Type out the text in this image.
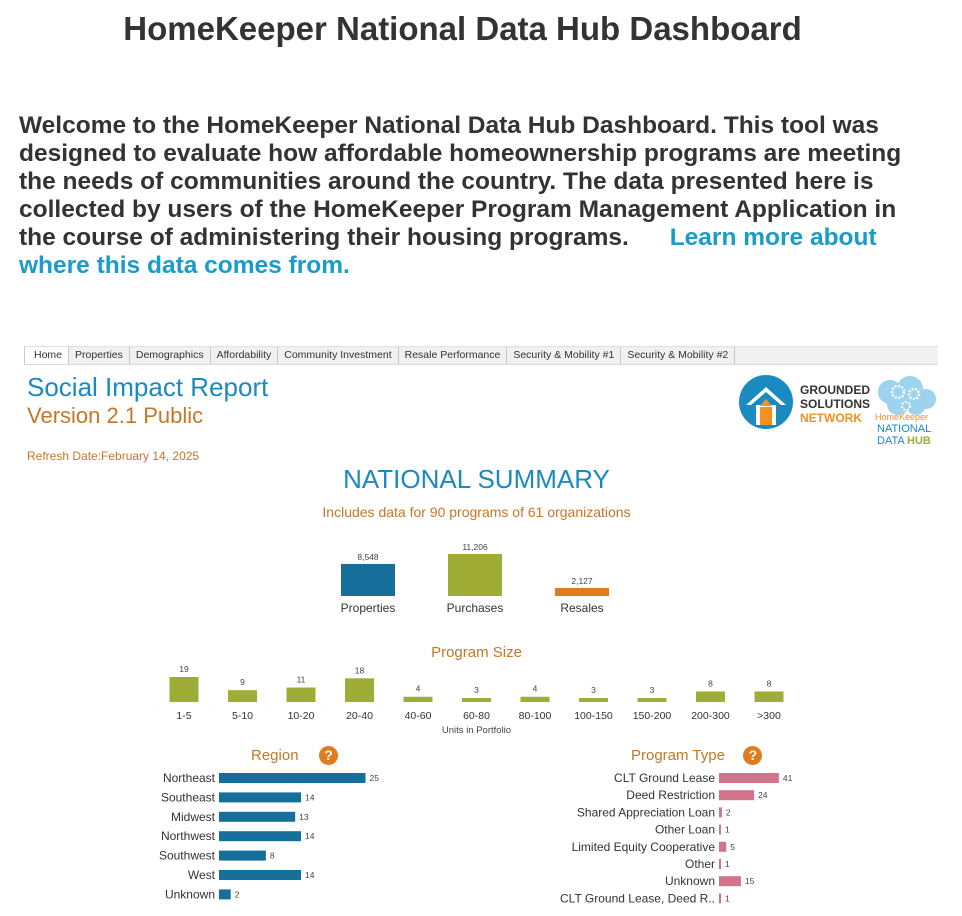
HomeKeeper National Data Hub Dashboard

Welcome to the HomeKeeper National Data Hub Dashboard. This tool was designed to evaluate how affordable homeownership programs are meeting the needs of communities around the country. The data presented here is collected by users of the HomeKeeper Program Management Application in the course of administering their housing programs. Learn more about where this data comes from.

Home	Properties	Demographics	Affordability	Community Investment	Resale Performance	Security & Mobility #1	Security & Mobility #2
Social Impact Report
Version 2.1 Public
Refresh Date:February 14, 2025
GROUNDED
SOLUTIONS
NETWORK HomeKeeper
NATIONAL
DATA HUB
NATIONAL SUMMARY
Includes data for 90 programs of 61 organizations
8,548
Properties
11,206
Purchases
2,127
Resales
Program Size
19
1-5
9
5-10
11
10-20
18
20-40
4
40-60
3
60-80
4
80-100
3
100-150
3
150-200
8
200-300
8
>300
Units in Portfolio
Region ?
Northeast	25
Southeast	14
Midwest	13
Northwest	14
Southwest	8
West	14
Unknown 2
Program Type ?
CLT Ground Lease	41
Deed Restriction	24
Shared Appreciation Loan 2
Other Loan 1
Limited Equity Cooperative 5
Other 1
Unknown	15
CLT Ground Lease, Deed R.. 1
